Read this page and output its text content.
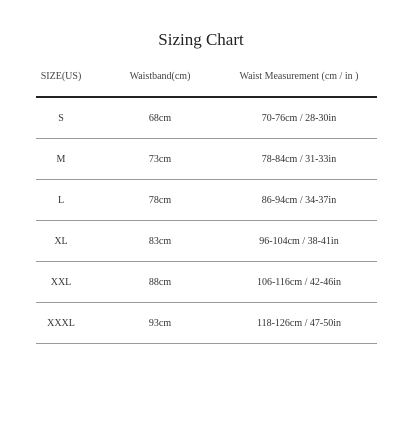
Sizing Chart
SIZE(US)	Waistband(cm)	Waist Measurement (cm / in )
S	68cm	70-76cm / 28-30in
M	73cm	78-84cm / 31-33in
L	78cm	86-94cm / 34-37in
XL	83cm	96-104cm / 38-41in
XXL	88cm	106-116cm / 42-46in
XXXL	93cm	118-126cm / 47-50in
